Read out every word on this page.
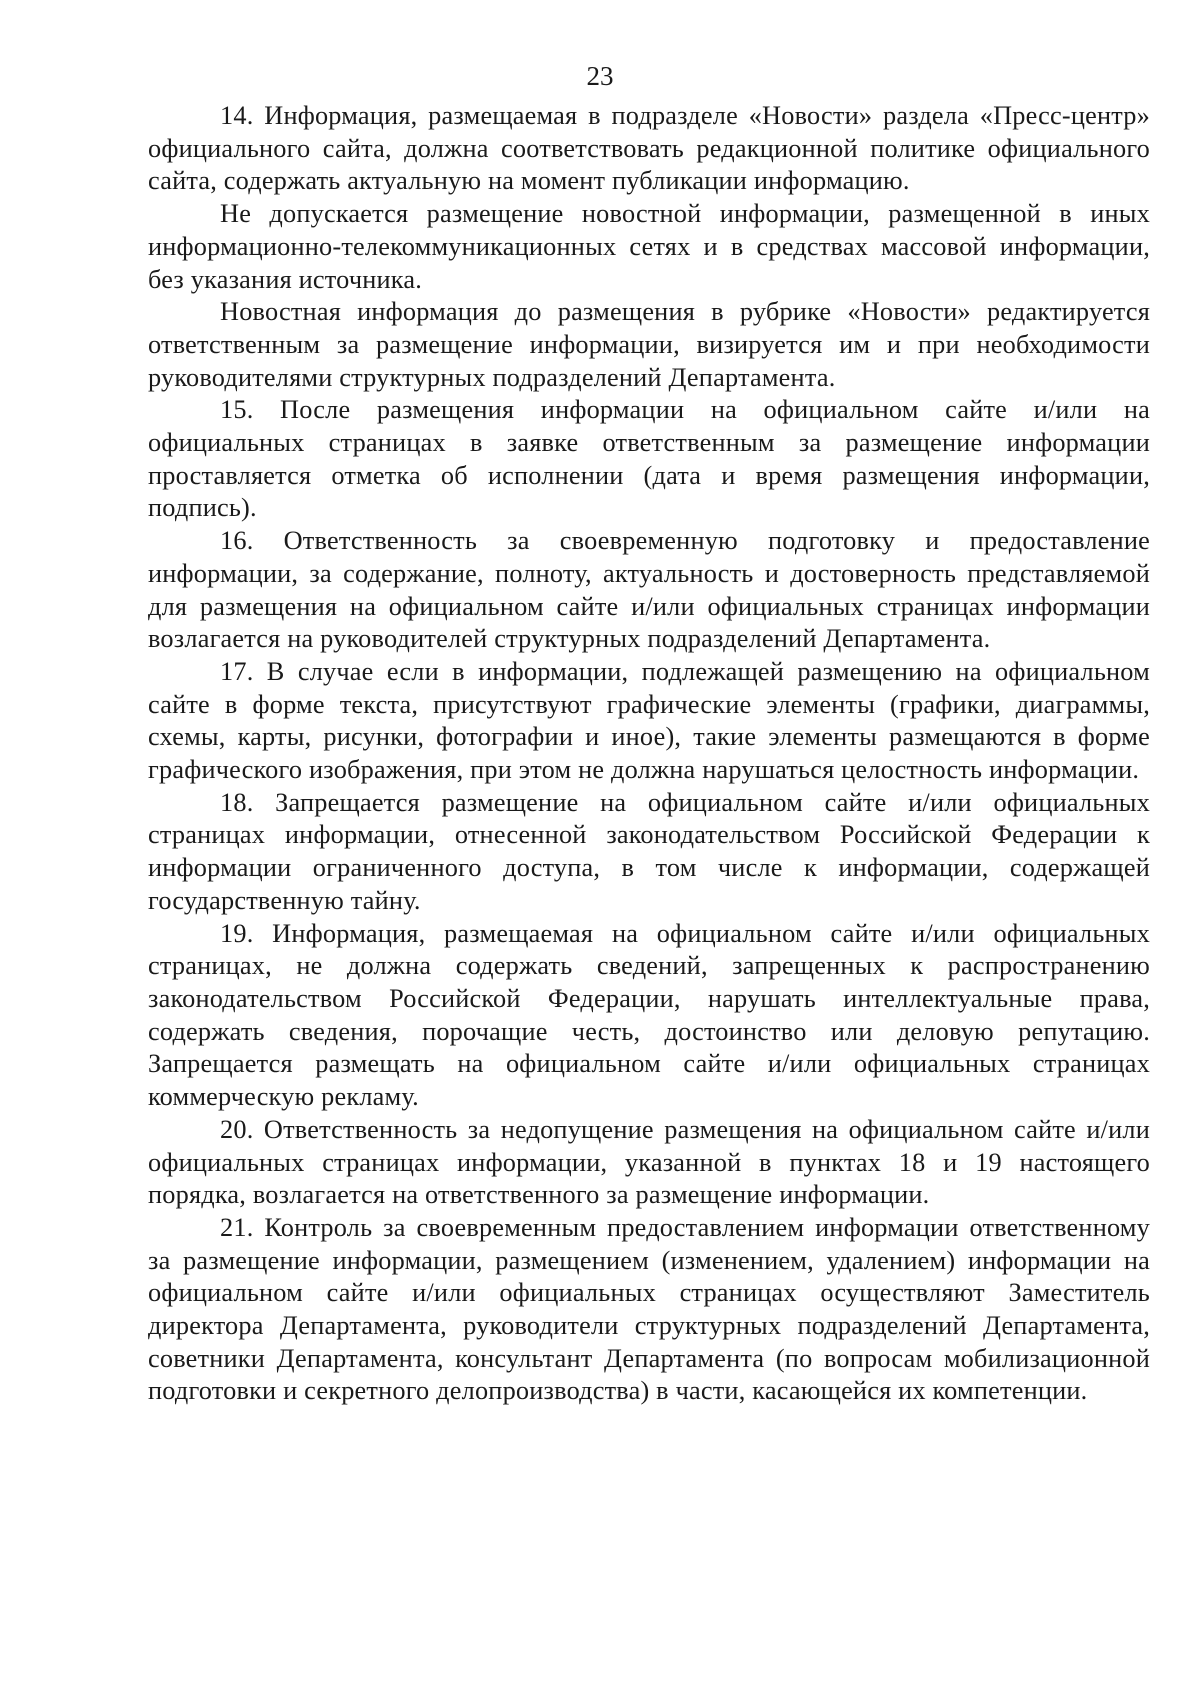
23

14. Информация, размещаемая в подразделе «Новости» раздела «Пресс-центр» официального сайта, должна соответствовать редакционной политике официального сайта, содержать актуальную на момент публикации информацию.

Не допускается размещение новостной информации, размещенной в иных информационно-телекоммуникационных сетях и в средствах массовой информации, без указания источника.

Новостная информация до размещения в рубрике «Новости» редактируется ответственным за размещение информации, визируется им и при необходимости руководителями структурных подразделений Департамента.

15. После размещения информации на официальном сайте и/или на официальных страницах в заявке ответственным за размещение информации проставляется отметка об исполнении (дата и время размещения информации, подпись).

16. Ответственность за своевременную подготовку и предоставление информации, за содержание, полноту, актуальность и достоверность представляемой для размещения на официальном сайте и/или официальных страницах информации возлагается на руководителей структурных подразделений Департамента.

17. В случае если в информации, подлежащей размещению на официальном сайте в форме текста, присутствуют графические элементы (графики, диаграммы, схемы, карты, рисунки, фотографии и иное), такие элементы размещаются в форме графического изображения, при этом не должна нарушаться целостность информации.

18. Запрещается размещение на официальном сайте и/или официальных страницах информации, отнесенной законодательством Российской Федерации к информации ограниченного доступа, в том числе к информации, содержащей государственную тайну.

19. Информация, размещаемая на официальном сайте и/или официальных страницах, не должна содержать сведений, запрещенных к распространению законодательством Российской Федерации, нарушать интеллектуальные права, содержать сведения, порочащие честь, достоинство или деловую репутацию. Запрещается размещать на официальном сайте и/или официальных страницах коммерческую рекламу.

20. Ответственность за недопущение размещения на официальном сайте и/или официальных страницах информации, указанной в пунктах 18 и 19 настоящего порядка, возлагается на ответственного за размещение информации.

21. Контроль за своевременным предоставлением информации ответственному за размещение информации, размещением (изменением, удалением) информации на официальном сайте и/или официальных страницах осуществляют Заместитель директора Департамента, руководители структурных подразделений Департамента, советники Департамента, консультант Департамента (по вопросам мобилизационной подготовки и секретного делопроизводства) в части, касающейся их компетенции.
